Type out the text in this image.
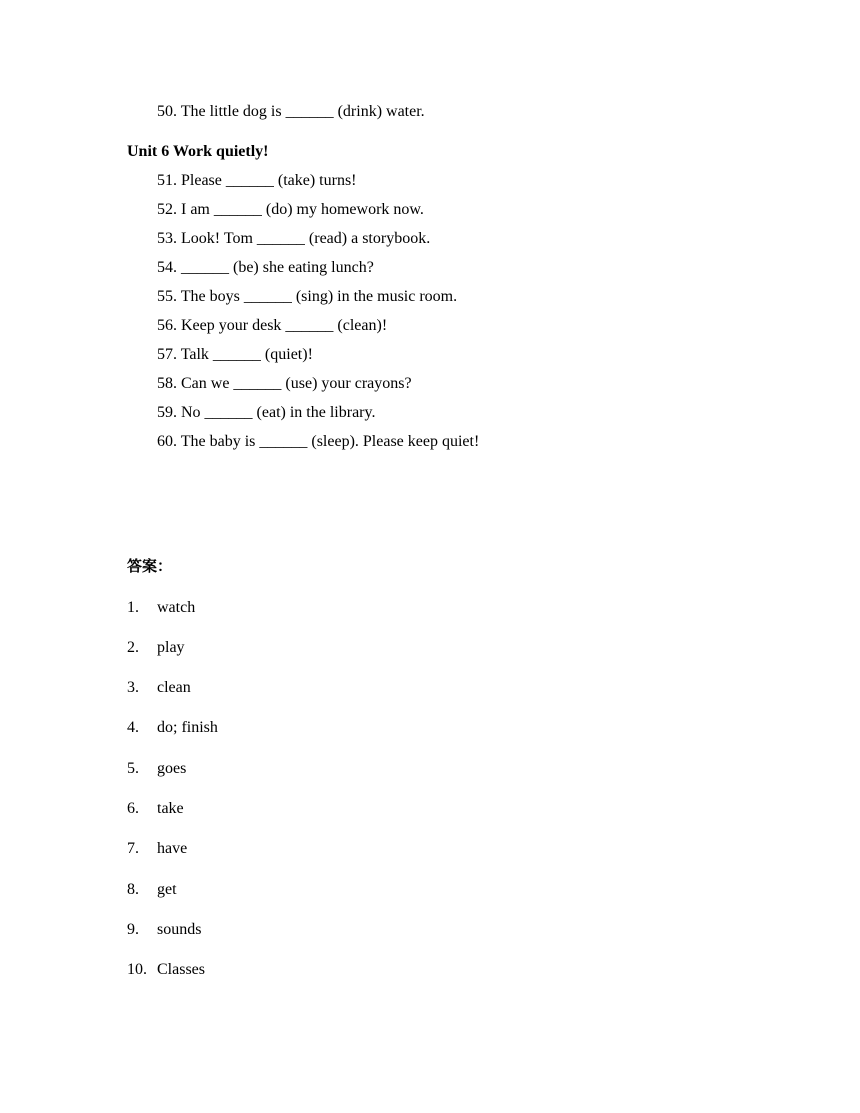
50. The little dog is ______ (drink) water.
Unit 6 Work quietly!
51. Please ______ (take) turns!
52. I am ______ (do) my homework now.
53. Look! Tom ______ (read) a storybook.
54. ______ (be) she eating lunch?
55. The boys ______ (sing) in the music room.
56. Keep your desk ______ (clean)!
57. Talk ______ (quiet)!
58. Can we ______ (use) your crayons?
59. No ______ (eat) in the library.
60. The baby is ______ (sleep). Please keep quiet!
答案：
1. watch
2. play
3. clean
4. do; finish
5. goes
6. take
7. have
8. get
9. sounds
10. Classes
